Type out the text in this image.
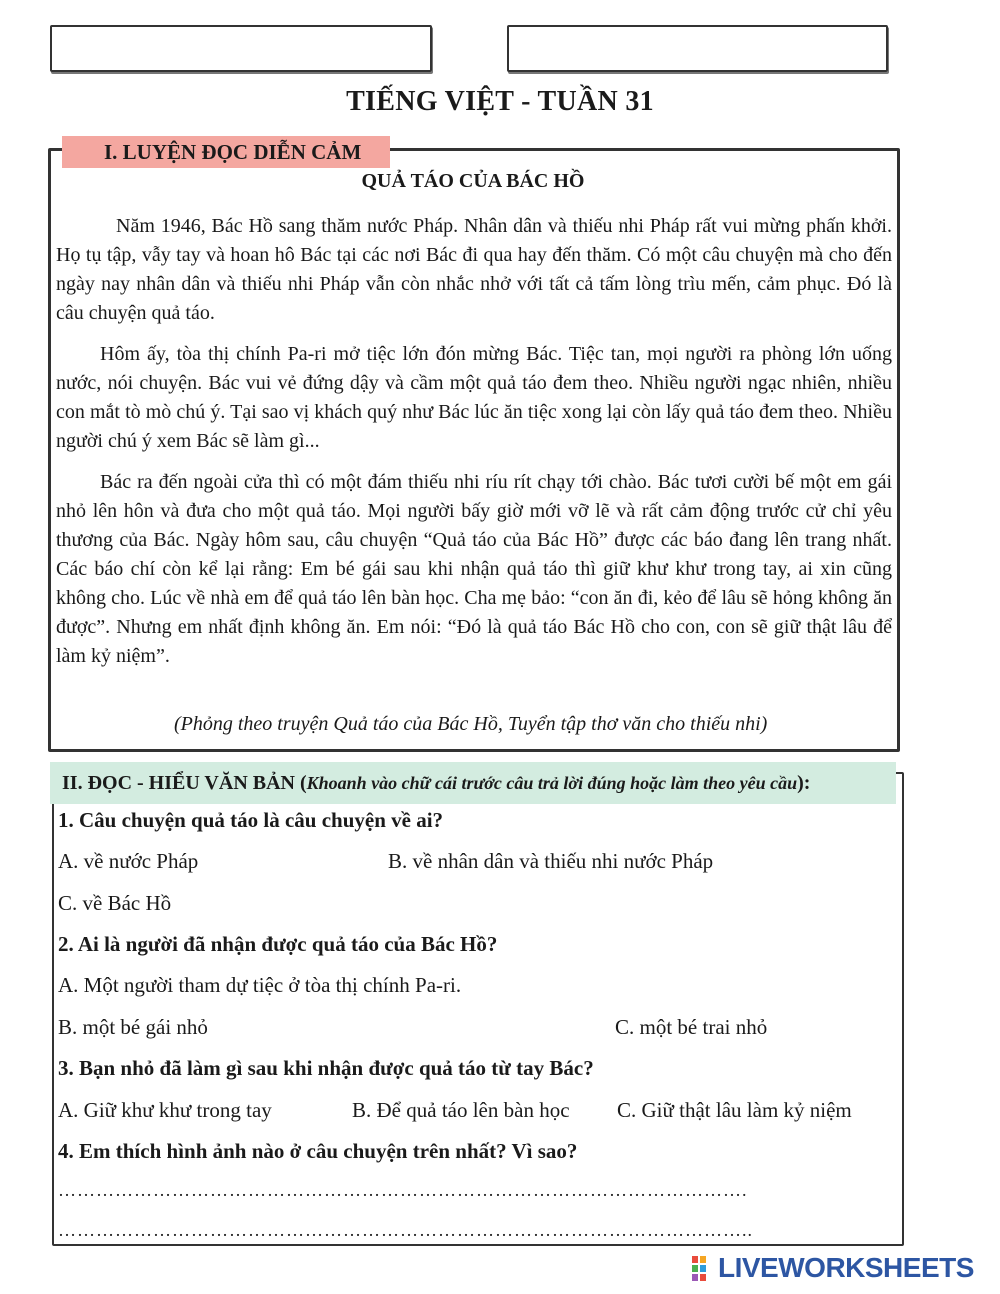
TIẾNG VIỆT - TUẦN 31
I. LUYỆN ĐỌC DIỄN CẢM
QUẢ TÁO CỦA BÁC HỒ

Năm 1946, Bác Hồ sang thăm nước Pháp. Nhân dân và thiếu nhi Pháp rất vui mừng phấn khởi. Họ tụ tập, vẫy tay và hoan hô Bác tại các nơi Bác đi qua hay đến thăm. Có một câu chuyện mà cho đến ngày nay nhân dân và thiếu nhi Pháp vẫn còn nhắc nhở với tất cả tấm lòng trìu mến, cảm phục. Đó là câu chuyện quả táo.

Hôm ấy, tòa thị chính Pa-ri mở tiệc lớn đón mừng Bác. Tiệc tan, mọi người ra phòng lớn uống nước, nói chuyện. Bác vui vẻ đứng dậy và cầm một quả táo đem theo. Nhiều người ngạc nhiên, nhiều con mắt tò mò chú ý. Tại sao vị khách quý như Bác lúc ăn tiệc xong lại còn lấy quả táo đem theo. Nhiều người chú ý xem Bác sẽ làm gì...

Bác ra đến ngoài cửa thì có một đám thiếu nhi ríu rít chạy tới chào. Bác tươi cười bế một em gái nhỏ lên hôn và đưa cho một quả táo. Mọi người bấy giờ mới vỡ lẽ và rất cảm động trước cử chỉ yêu thương của Bác. Ngày hôm sau, câu chuyện “Quả táo của Bác Hồ” được các báo đang lên trang nhất. Các báo chí còn kể lại rằng: Em bé gái sau khi nhận quả táo thì giữ khư khư trong tay, ai xin cũng không cho. Lúc về nhà em để quả táo lên bàn học. Cha mẹ bảo: “con ăn đi, kẻo để lâu sẽ hỏng không ăn được”. Nhưng em nhất định không ăn. Em nói: “Đó là quả táo Bác Hồ cho con, con sẽ giữ thật lâu để làm kỷ niệm”.

(Phỏng theo truyện Quả táo của Bác Hồ, Tuyển tập thơ văn cho thiếu nhi)
II. ĐỌC - HIỂU VĂN BẢN (Khoanh vào chữ cái trước câu trả lời đúng hoặc làm theo yêu cầu):
1. Câu chuyện quả táo là câu chuyện về ai?
A. về nước Pháp	B. về nhân dân và thiếu nhi nước Pháp
C. về Bác Hồ
2. Ai là người đã nhận được quả táo của Bác Hồ?
A. Một người tham dự tiệc ở tòa thị chính Pa-ri.
B. một bé gái nhỏ	C. một bé trai nhỏ
3. Bạn nhỏ đã làm gì sau khi nhận được quả táo từ tay Bác?
A. Giữ khư khư trong tay	B. Để quả táo lên bàn học C. Giữ thật lâu làm kỷ niệm
4. Em thích hình ảnh nào ở câu chuyện trên nhất? Vì sao?
……………………………………………………………………………………………….
………………………………………………………………………………………………..
LIVEWORKSHEETS
